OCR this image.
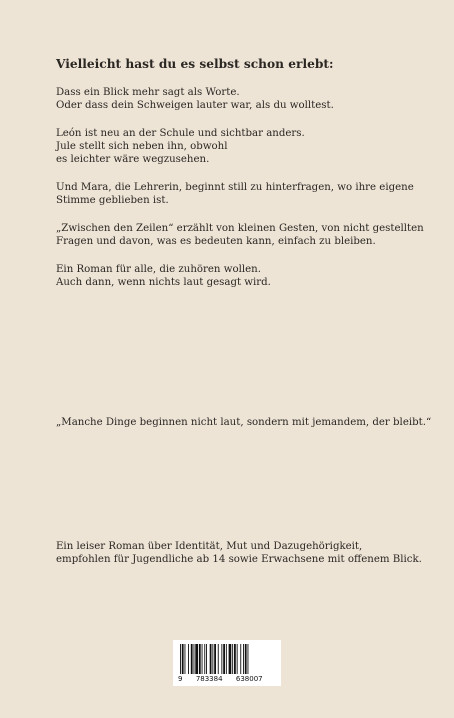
Vielleicht hast du es selbst schon erlebt:

Dass ein Blick mehr sagt als Worte.
Oder dass dein Schweigen lauter war, als du wolltest.

León ist neu an der Schule und sichtbar anders.
Jule stellt sich neben ihn, obwohl
es leichter wäre wegzusehen.

Und Mara, die Lehrerin, beginnt still zu hinterfragen, wo ihre eigene
Stimme geblieben ist.

„Zwischen den Zeilen“ erzählt von kleinen Gesten, von nicht gestellten
Fragen und davon, was es bedeuten kann, einfach zu bleiben.

Ein Roman für alle, die zuhören wollen.
Auch dann, wenn nichts laut gesagt wird.

„Manche Dinge beginnen nicht laut, sondern mit jemandem, der bleibt.“

Ein leiser Roman über Identität, Mut und Dazugehörigkeit,
empfohlen für Jugendliche ab 14 sowie Erwachsene mit offenem Blick.

9 783384 638007
